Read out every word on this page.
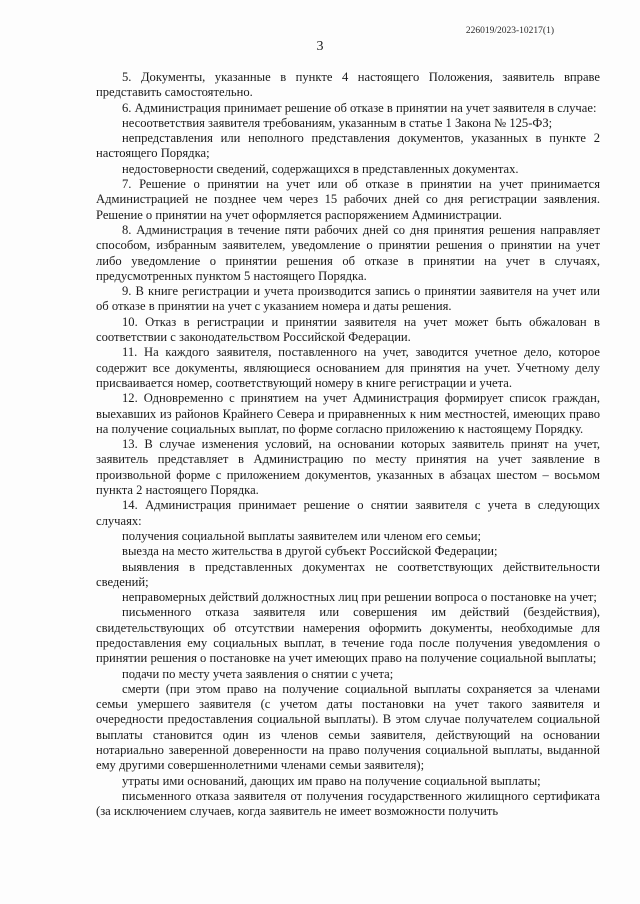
226019/2023-10217(1)
3

5. Документы, указанные в пункте 4 настоящего Положения, заявитель вправе представить самостоятельно.

6. Администрация принимает решение об отказе в принятии на учет заявителя в случае:

несоответствия заявителя требованиям, указанным в статье 1 Закона № 125-ФЗ;

непредставления или неполного представления документов, указанных в пункте 2 настоящего Порядка;

недостоверности сведений, содержащихся в представленных документах.

7. Решение о принятии на учет или об отказе в принятии на учет принимается Администрацией не позднее чем через 15 рабочих дней со дня регистрации заявления. Решение о принятии на учет оформляется распоряжением Администрации.

8. Администрация в течение пяти рабочих дней со дня принятия решения направляет способом, избранным заявителем, уведомление о принятии решения о принятии на учет либо уведомление о принятии решения об отказе в принятии на учет в случаях, предусмотренных пунктом 5 настоящего Порядка.

9. В книге регистрации и учета производится запись о принятии заявителя на учет или об отказе в принятии на учет с указанием номера и даты решения.

10. Отказ в регистрации и принятии заявителя на учет может быть обжалован в соответствии с законодательством Российской Федерации.

11. На каждого заявителя, поставленного на учет, заводится учетное дело, которое содержит все документы, являющиеся основанием для принятия на учет. Учетному делу присваивается номер, соответствующий номеру в книге регистрации и учета.

12. Одновременно с принятием на учет Администрация формирует список граждан, выехавших из районов Крайнего Севера и приравненных к ним местностей, имеющих право на получение социальных выплат, по форме согласно приложению к настоящему Порядку.

13. В случае изменения условий, на основании которых заявитель принят на учет, заявитель представляет в Администрацию по месту принятия на учет заявление в произвольной форме с приложением документов, указанных в абзацах шестом – восьмом пункта 2 настоящего Порядка.

14. Администрация принимает решение о снятии заявителя с учета в следующих случаях:

получения социальной выплаты заявителем или членом его семьи;

выезда на место жительства в другой субъект Российской Федерации;

выявления в представленных документах не соответствующих действительности сведений;

неправомерных действий должностных лиц при решении вопроса о постановке на учет;

письменного отказа заявителя или совершения им действий (бездействия), свидетельствующих об отсутствии намерения оформить документы, необходимые для предоставления ему социальных выплат, в течение года после получения уведомления о принятии решения о постановке на учет имеющих право на получение социальной выплаты;

подачи по месту учета заявления о снятии с учета;

смерти (при этом право на получение социальной выплаты сохраняется за членами семьи умершего заявителя (с учетом даты постановки на учет такого заявителя и очередности предоставления социальной выплаты). В этом случае получателем социальной выплаты становится один из членов семьи заявителя, действующий на основании нотариально заверенной доверенности на право получения социальной выплаты, выданной ему другими совершеннолетними членами семьи заявителя);

утраты ими оснований, дающих им право на получение социальной выплаты;

письменного отказа заявителя от получения государственного жилищного сертификата (за исключением случаев, когда заявитель не имеет возможности получить
